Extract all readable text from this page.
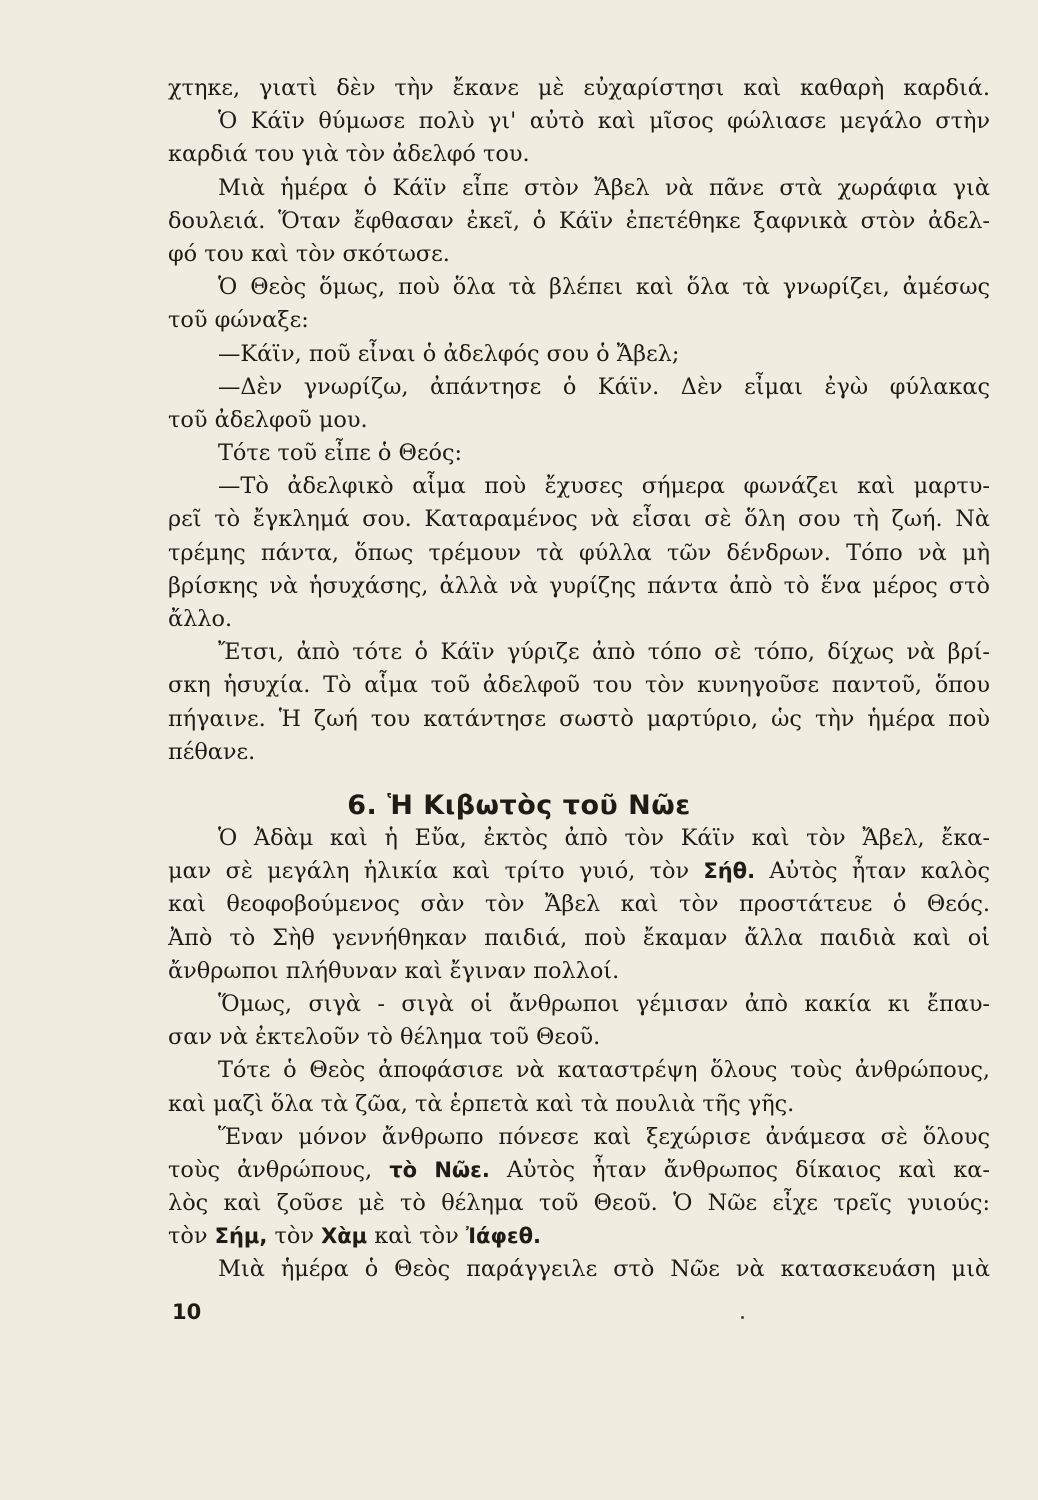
χτηκε, γιατὶ δὲν τὴν ἔκανε μὲ εὐχαρίστησι καὶ καθαρὴ καρδιά.
Ὁ Κάϊν θύμωσε πολὺ γι' αὐτὸ καὶ μῖσος φώλιασε μεγάλο στὴν
καρδιά του γιὰ τὸν ἀδελφό του.
Μιὰ ἡμέρα ὁ Κάϊν εἶπε στὸν Ἄβελ νὰ πᾶνε στὰ χωράφια γιὰ
δουλειά. Ὅταν ἔφθασαν ἐκεῖ, ὁ Κάϊν ἐπετέθηκε ξαφνικὰ στὸν ἀδελ-
φό του καὶ τὸν σκότωσε.
Ὁ Θεὸς ὅμως, ποὺ ὅλα τὰ βλέπει καὶ ὅλα τὰ γνωρίζει, ἀμέσως
τοῦ φώναξε:
—Κάϊν, ποῦ εἶναι ὁ ἀδελφός σου ὁ Ἄβελ;
—Δὲν γνωρίζω, ἀπάντησε ὁ Κάϊν. Δὲν εἶμαι ἐγὼ φύλακας
τοῦ ἀδελφοῦ μου.
Τότε τοῦ εἶπε ὁ Θεός:
—Τὸ ἀδελφικὸ αἷμα ποὺ ἔχυσες σήμερα φωνάζει καὶ μαρτυ-
ρεῖ τὸ ἔγκλημά σου. Καταραμένος νὰ εἶσαι σὲ ὅλη σου τὴ ζωή. Νὰ
τρέμης πάντα, ὅπως τρέμουν τὰ φύλλα τῶν δένδρων. Τόπο νὰ μὴ
βρίσκης νὰ ἡσυχάσης, ἀλλὰ νὰ γυρίζης πάντα ἀπὸ τὸ ἕνα μέρος στὸ
ἄλλο.
Ἔτσι, ἀπὸ τότε ὁ Κάϊν γύριζε ἀπὸ τόπο σὲ τόπο, δίχως νὰ βρί-
σκη ἡσυχία. Τὸ αἷμα τοῦ ἀδελφοῦ του τὸν κυνηγοῦσε παντοῦ, ὅπου
πήγαινε. Ἡ ζωή του κατάντησε σωστὸ μαρτύριο, ὡς τὴν ἡμέρα ποὺ
πέθανε.
6. Ἡ Κιβωτὸς τοῦ Νῶε
Ὁ Ἀδὰμ καὶ ἡ Εὔα, ἐκτὸς ἀπὸ τὸν Κάϊν καὶ τὸν Ἄβελ, ἔκα-
μαν σὲ μεγάλη ἡλικία καὶ τρίτο γυιό, τὸν Σήθ. Αὐτὸς ἦταν καλὸς
καὶ θεοφοβούμενος σὰν τὸν Ἄβελ καὶ τὸν προστάτευε ὁ Θεός.
Ἀπὸ τὸ Σὴθ γεννήθηκαν παιδιά, ποὺ ἔκαμαν ἄλλα παιδιὰ καὶ οἱ
ἄνθρωποι πλήθυναν καὶ ἔγιναν πολλοί.
Ὅμως, σιγὰ - σιγὰ οἱ ἄνθρωποι γέμισαν ἀπὸ κακία κι ἔπαυ-
σαν νὰ ἐκτελοῦν τὸ θέλημα τοῦ Θεοῦ.
Τότε ὁ Θεὸς ἀποφάσισε νὰ καταστρέψη ὅλους τοὺς ἀνθρώπους,
καὶ μαζὶ ὅλα τὰ ζῶα, τὰ ἑρπετὰ καὶ τὰ πουλιὰ τῆς γῆς.
Ἕναν μόνον ἄνθρωπο πόνεσε καὶ ξεχώρισε ἀνάμεσα σὲ ὅλους
τοὺς ἀνθρώπους, τὸ Νῶε. Αὐτὸς ἦταν ἄνθρωπος δίκαιος καὶ κα-
λὸς καὶ ζοῦσε μὲ τὸ θέλημα τοῦ Θεοῦ. Ὁ Νῶε εἶχε τρεῖς γυιούς:
τὸν Σήμ, τὸν Χὰμ καὶ τὸν Ἰάφεθ.
Μιὰ ἡμέρα ὁ Θεὸς παράγγειλε στὸ Νῶε νὰ κατασκευάση μιὰ
10
